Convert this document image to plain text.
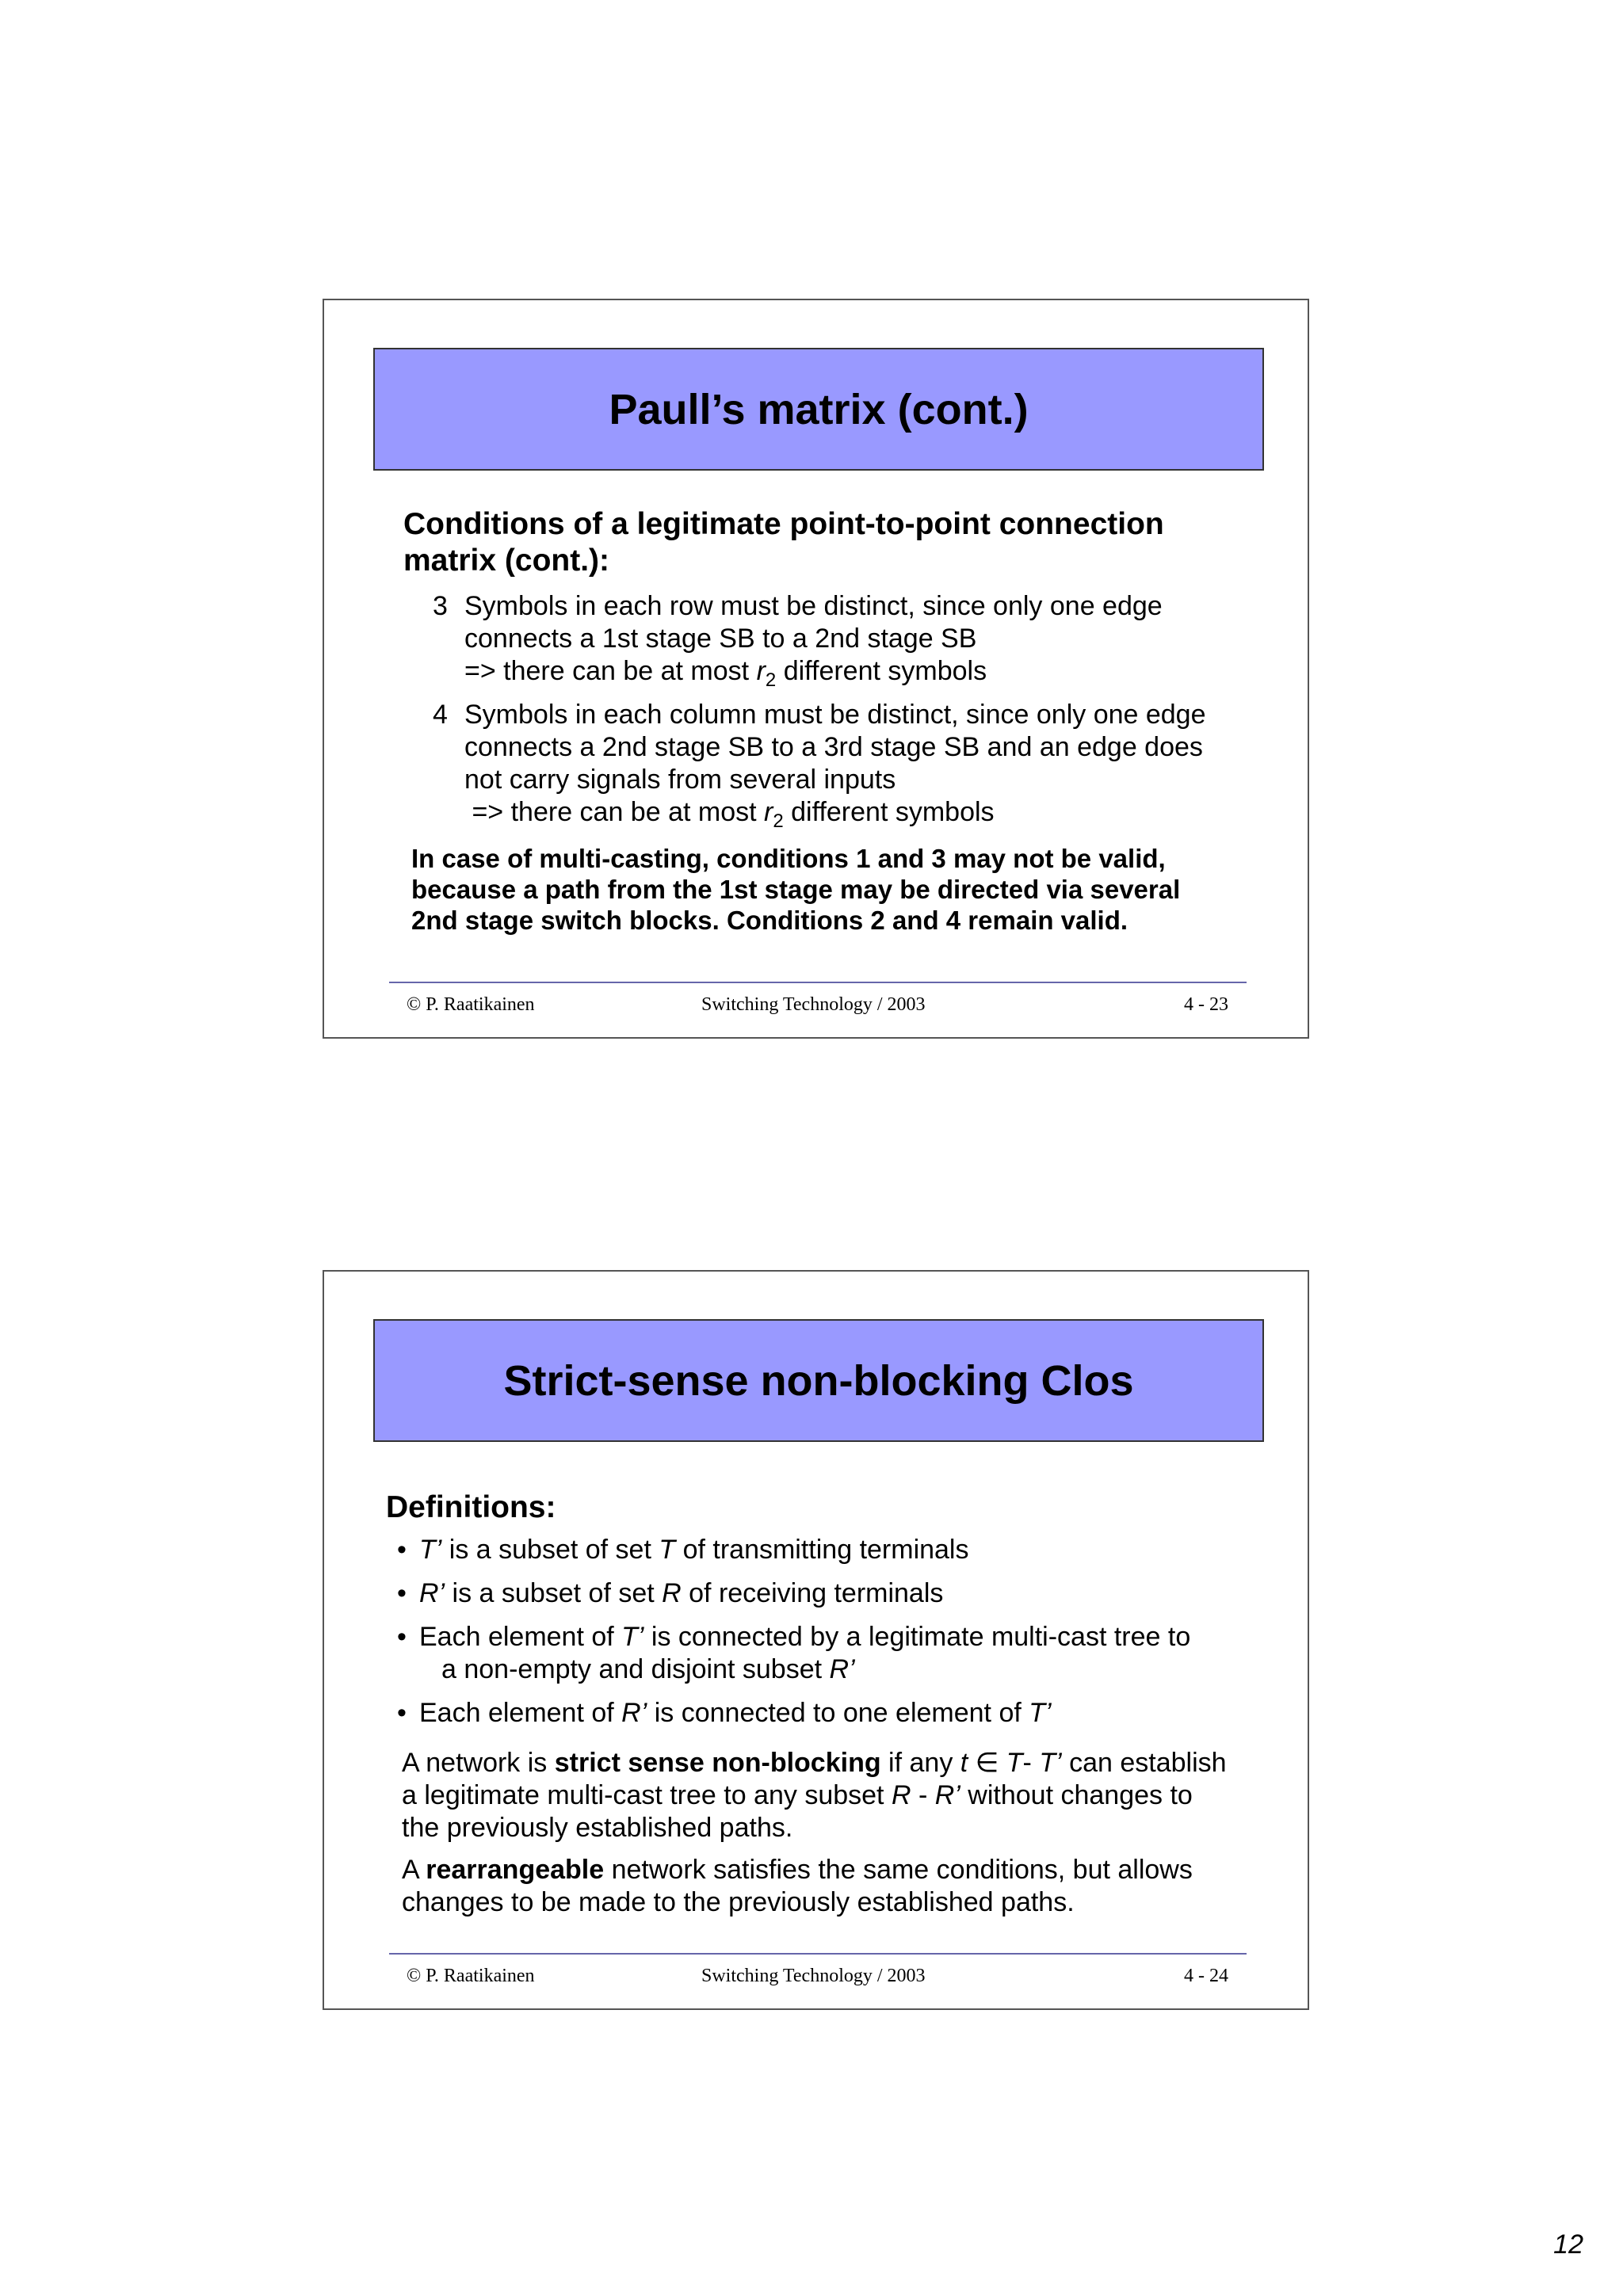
Paull’s matrix (cont.)
Conditions of a legitimate point-to-point connection
matrix (cont.):
3 Symbols in each row must be distinct, since only one edge
connects a 1st stage SB to a 2nd stage SB
=> there can be at most $r_2$ different symbols
4 Symbols in each column must be distinct, since only one edge
connects a 2nd stage SB to a 3rd stage SB and an edge does
not carry signals from several inputs
=> there can be at most $r_2$ different symbols
In case of multi-casting, conditions 1 and 3 may not be valid,
because a path from the 1st stage may be directed via several
2nd stage switch blocks. Conditions 2 and 4 remain valid.
© P. Raatikainen	Switching Technology / 2003	4 - 23
Strict-sense non-blocking Clos
Definitions:
• T’ is a subset of set T of transmitting terminals
• R’ is a subset of set R of receiving terminals
• Each element of T’ is connected by a legitimate multi-cast tree to
a non-empty and disjoint subset R’
• Each element of R’ is connected to one element of T’
A network is strict sense non-blocking if any t ∈ T- T’ can establish
a legitimate multi-cast tree to any subset R - R’ without changes to
the previously established paths.
A rearrangeable network satisfies the same conditions, but allows
changes to be made to the previously established paths.
© P. Raatikainen	Switching Technology / 2003	4 - 24
12
